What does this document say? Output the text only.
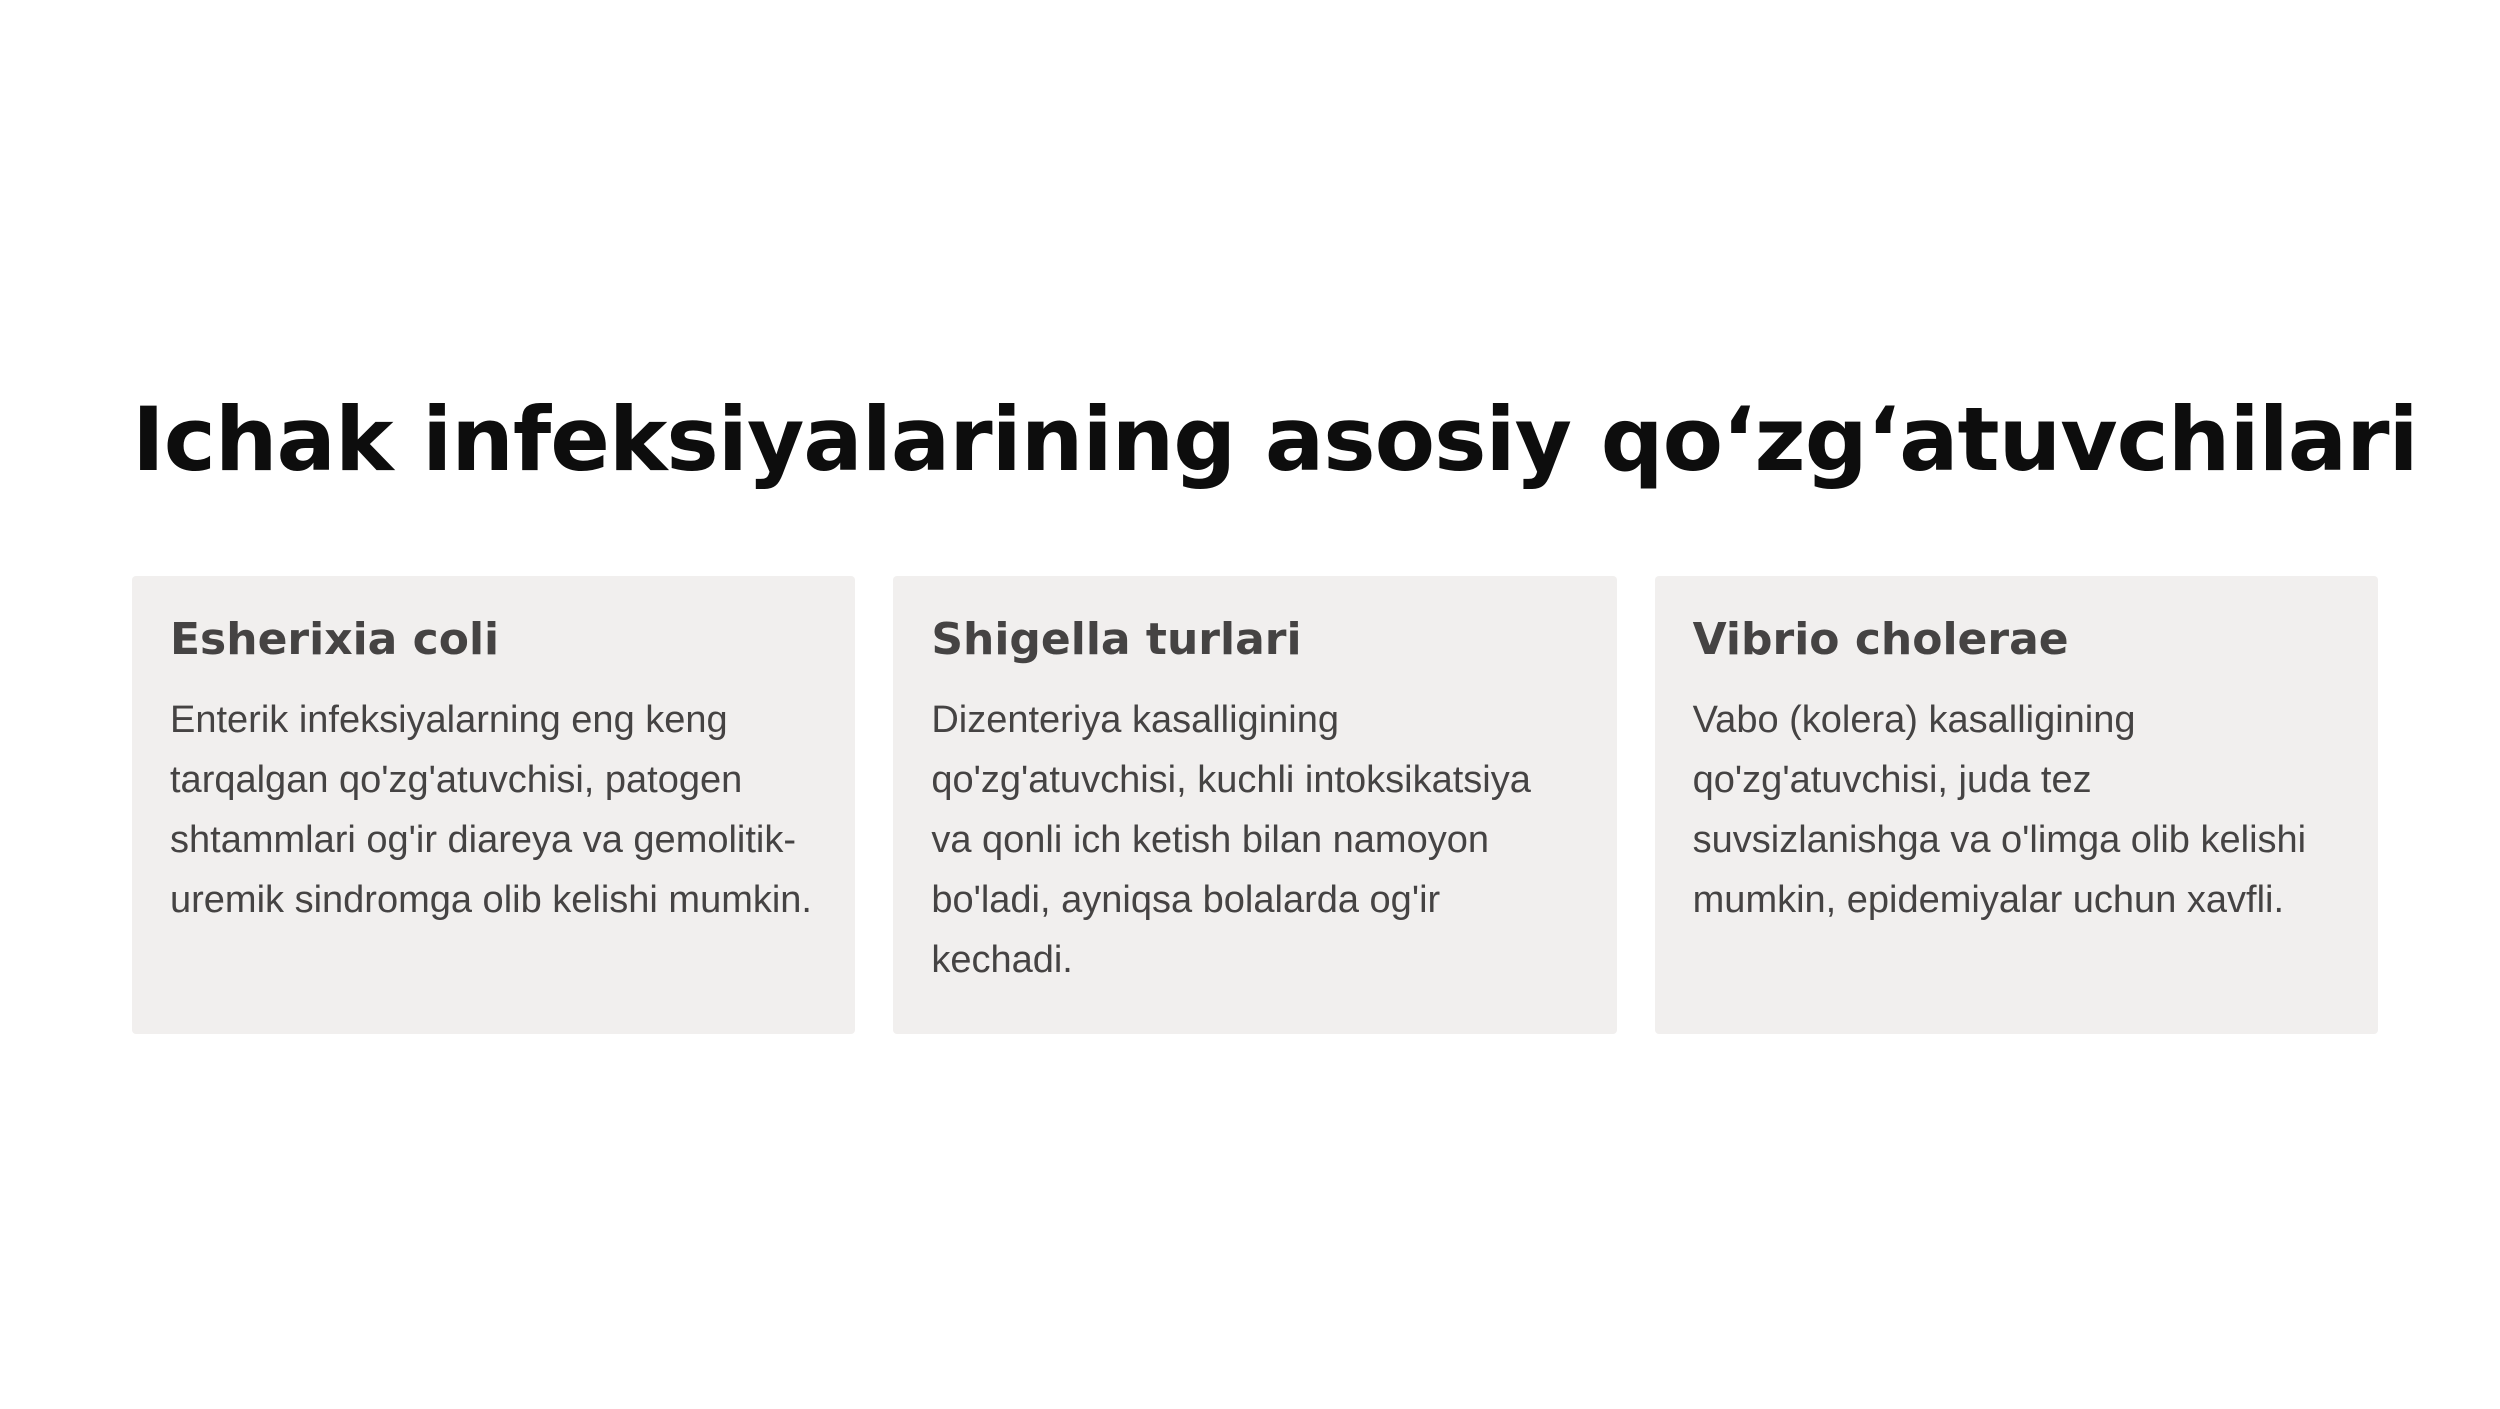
Ichak infeksiyalarining asosiy qo‘zg‘atuvchilari
Esherixia coli
Enterik infeksiyalarning eng keng tarqalgan qo'zg'atuvchisi, patogen shtammlari og'ir diareya va gemolitik-uremik sindromga olib kelishi mumkin.
Shigella turlari
Dizenteriya kasalligining qo'zg'atuvchisi, kuchli intoksikatsiya va qonli ich ketish bilan namoyon bo'ladi, ayniqsa bolalarda og'ir kechadi.
Vibrio cholerae
Vabo (kolera) kasalligining qo'zg'atuvchisi, juda tez suvsizlanishga va o'limga olib kelishi mumkin, epidemiyalar uchun xavfli.
